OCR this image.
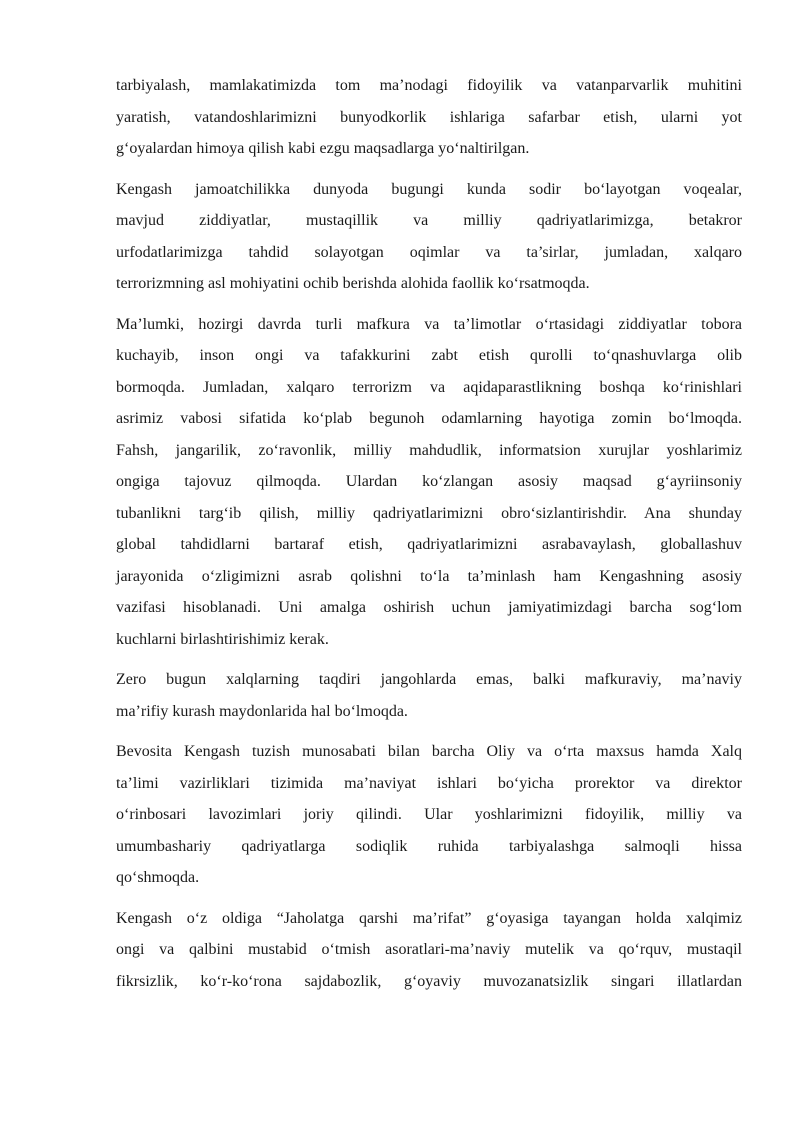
tarbiyalash, mamlakatimizda tom ma’nodagi fidoyilik va vatanparvarlik muhitini
yaratish, vatandoshlarimizni bunyodkorlik ishlariga safarbar etish, ularni yot
g‘oyalardan himoya qilish kabi ezgu maqsadlarga yo‘naltirilgan.

Kengash jamoatchilikka dunyoda bugungi kunda sodir bo‘layotgan voqealar,
mavjud ziddiyatlar, mustaqillik va milliy qadriyatlarimizga, betakror
urfodatlarimizga tahdid solayotgan oqimlar va ta’sirlar, jumladan, xalqaro
terrorizmning asl mohiyatini ochib berishda alohida faollik ko‘rsatmoqda.

Ma’lumki, hozirgi davrda turli mafkura va ta’limotlar o‘rtasidagi ziddiyatlar tobora
kuchayib, inson ongi va tafakkurini zabt etish qurolli to‘qnashuvlarga olib
bormoqda. Jumladan, xalqaro terrorizm va aqidaparastlikning boshqa ko‘rinishlari
asrimiz vabosi sifatida ko‘plab begunoh odamlarning hayotiga zomin bo‘lmoqda.
Fahsh, jangarilik, zo‘ravonlik, milliy mahdudlik, informatsion xurujlar yoshlarimiz
ongiga tajovuz qilmoqda. Ulardan ko‘zlangan asosiy maqsad g‘ayriinsoniy
tubanlikni targ‘ib qilish, milliy qadriyatlarimizni obro‘sizlantirishdir. Ana shunday
global tahdidlarni bartaraf etish, qadriyatlarimizni asrabavaylash, globallashuv
jarayonida o‘zligimizni asrab qolishni to‘la ta’minlash ham Kengashning asosiy
vazifasi hisoblanadi. Uni amalga oshirish uchun jamiyatimizdagi barcha sog‘lom
kuchlarni birlashtirishimiz kerak.

Zero bugun xalqlarning taqdiri jangohlarda emas, balki mafkuraviy, ma’naviy
ma’rifiy kurash maydonlarida hal bo‘lmoqda.

Bevosita Kengash tuzish munosabati bilan barcha Oliy va o‘rta maxsus hamda Xalq
ta’limi vazirliklari tizimida ma’naviyat ishlari bo‘yicha prorektor va direktor
o‘rinbosari lavozimlari joriy qilindi. Ular yoshlarimizni fidoyilik, milliy va
umumbashariy qadriyatlarga sodiqlik ruhida tarbiyalashga salmoqli hissa
qo‘shmoqda.

Kengash o‘z oldiga “Jaholatga qarshi ma’rifat” g‘oyasiga tayangan holda xalqimiz
ongi va qalbini mustabid o‘tmish asoratlari-ma’naviy mutelik va qo‘rquv, mustaqil
fikrsizlik, ko‘r-ko‘rona sajdabozlik, g‘oyaviy muvozanatsizlik singari illatlardan
